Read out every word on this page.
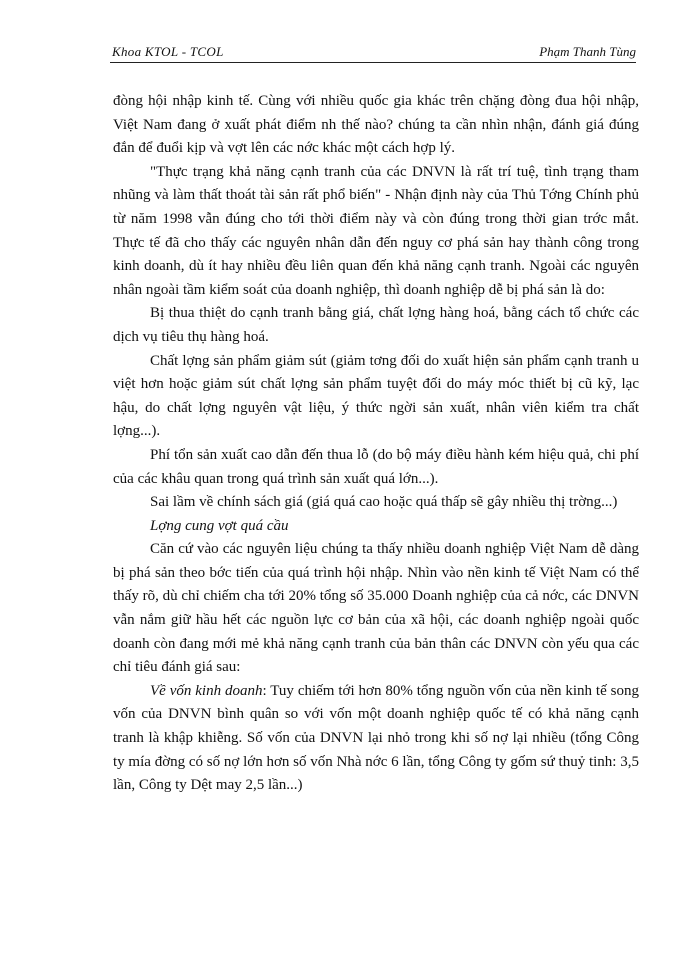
Khoa KTOL - TCOL	Phạm Thanh Tùng

đòng hội nhập kinh tế. Cùng với nhiều quốc gia khác trên chặng đòng đua hội nhập, Việt Nam đang ở xuất phát điểm nh thế nào? chúng ta cần nhìn nhận, đánh giá đúng đắn để đuổi kịp và vợt lên các nớc khác một cách hợp lý.

"Thực trạng khả năng cạnh tranh của các DNVN là rất trí tuệ, tình trạng tham nhũng và làm thất thoát tài sản rất phổ biến" - Nhận định này của Thủ Tớng Chính phủ từ năm 1998 vẫn đúng cho tới thời điểm này và còn đúng trong thời gian trớc mắt. Thực tế đã cho thấy các nguyên nhân dẫn đến nguy cơ phá sản hay thành công trong kinh doanh, dù ít hay nhiều đều liên quan đến khả năng cạnh tranh. Ngoài các nguyên nhân ngoài tầm kiểm soát của doanh nghiệp, thì doanh nghiệp dễ bị phá sản là do:

Bị thua thiệt do cạnh tranh bằng giá, chất lợng hàng hoá, bằng cách tổ chức các dịch vụ tiêu thụ hàng hoá.

Chất lợng sản phẩm giảm sút (giảm tơng đối do xuất hiện sản phẩm cạnh tranh u việt hơn hoặc giảm sút chất lợng sản phẩm tuyệt đối do máy móc thiết bị cũ kỹ, lạc hậu, do chất lợng nguyên vật liệu, ý thức ngời sản xuất, nhân viên kiểm tra chất lợng...).

Phí tổn sản xuất cao dẫn đến thua lỗ (do bộ máy điều hành kém hiệu quả, chi phí của các khâu quan trong quá trình sản xuất quá lớn...).

Sai lầm về chính sách giá (giá quá cao hoặc quá thấp sẽ gây nhiều thị trờng...)

Lợng cung vợt quá cầu

Căn cứ vào các nguyên liệu chúng ta thấy nhiều doanh nghiệp Việt Nam dễ dàng bị phá sản theo bớc tiến của quá trình hội nhập. Nhìn vào nền kinh tế Việt Nam có thể thấy rõ, dù chỉ chiếm cha tới 20% tổng số 35.000 Doanh nghiệp của cả nớc, các DNVN vẫn nắm giữ hầu hết các nguồn lực cơ bản của xã hội, các doanh nghiệp ngoài quốc doanh còn đang mới mẻ khả năng cạnh tranh của bản thân các DNVN còn yếu qua các chỉ tiêu đánh giá sau:

Về vốn kinh doanh: Tuy chiếm tới hơn 80% tổng nguồn vốn của nền kinh tế song vốn của DNVN bình quân so với vốn một doanh nghiệp quốc tế có khả năng cạnh tranh là khập khiễng. Số vốn của DNVN lại nhỏ trong khi số nợ lại nhiều (tổng Công ty mía đờng có số nợ lớn hơn số vốn Nhà nớc 6 lần, tổng Công ty gốm sứ thuỷ tinh: 3,5 lần, Công ty Dệt may 2,5 lần...)
